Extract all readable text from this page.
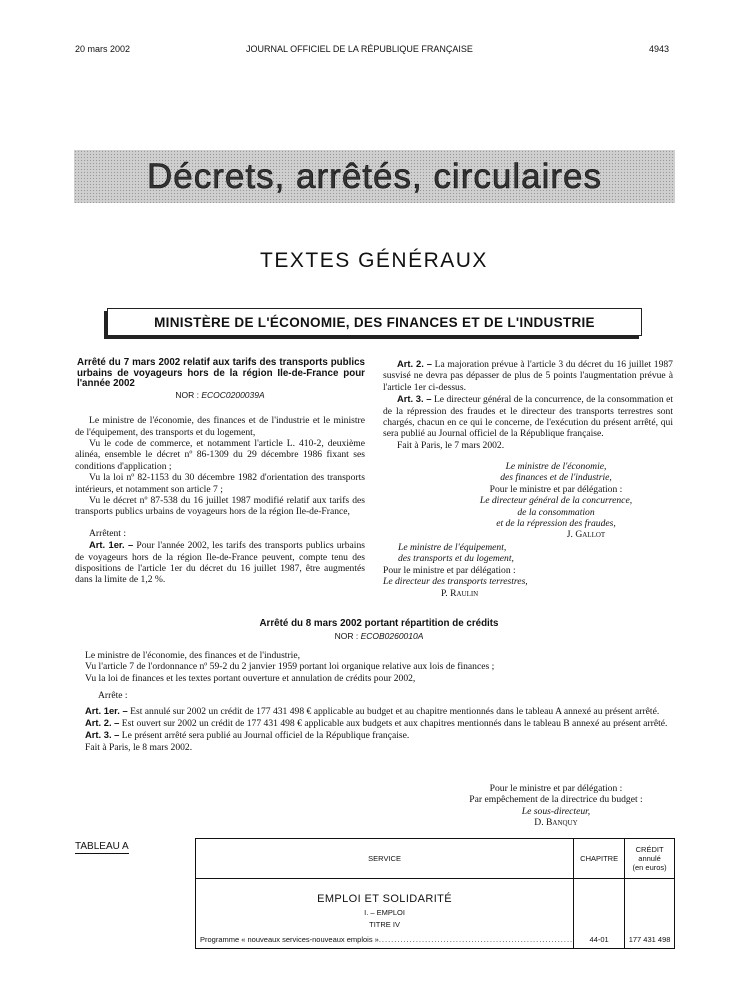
20 mars 2002	JOURNAL OFFICIEL DE LA RÉPUBLIQUE FRANÇAISE	4943
Décrets, arrêtés, circulaires
TEXTES GÉNÉRAUX
MINISTÈRE DE L'ÉCONOMIE, DES FINANCES ET DE L'INDUSTRIE

Arrêté du 7 mars 2002 relatif aux tarifs des transports publics urbains de voyageurs hors de la région Ile-de-France pour l'année 2002

NOR : ECOC0200039A

Le ministre de l'économie, des finances et de l'industrie et le ministre de l'équipement, des transports et du logement,

Vu le code de commerce, et notamment l'article L. 410-2, deuxième alinéa, ensemble le décret nº 86-1309 du 29 décembre 1986 fixant ses conditions d'application ;

Vu la loi nº 82-1153 du 30 décembre 1982 d'orientation des transports intérieurs, et notamment son article 7 ;

Vu le décret nº 87-538 du 16 juillet 1987 modifié relatif aux tarifs des transports publics urbains de voyageurs hors de la région Ile-de-France,

Arrêtent :

Art. 1er. – Pour l'année 2002, les tarifs des transports publics urbains de voyageurs hors de la région Ile-de-France peuvent, compte tenu des dispositions de l'article 1er du décret du 16 juillet 1987, être augmentés dans la limite de 1,2 %.

Art. 2. – La majoration prévue à l'article 3 du décret du 16 juillet 1987 susvisé ne devra pas dépasser de plus de 5 points l'augmentation prévue à l'article 1er ci-dessus.

Art. 3. – Le directeur général de la concurrence, de la consommation et de la répression des fraudes et le directeur des transports terrestres sont chargés, chacun en ce qui le concerne, de l'exécution du présent arrêté, qui sera publié au Journal officiel de la République française.

Fait à Paris, le 7 mars 2002.

Le ministre de l'économie,

des finances et de l'industrie,

Pour le ministre et par délégation :

Le directeur général de la concurrence,

de la consommation

et de la répression des fraudes,

J. Gallot

Le ministre de l'équipement,

des transports et du logement,

Pour le ministre et par délégation :

Le directeur des transports terrestres,

P. Raulin

Arrêté du 8 mars 2002 portant répartition de crédits

NOR : ECOB0260010A

Le ministre de l'économie, des finances et de l'industrie,

Vu l'article 7 de l'ordonnance nº 59-2 du 2 janvier 1959 portant loi organique relative aux lois de finances ;

Vu la loi de finances et les textes portant ouverture et annulation de crédits pour 2002,

Arrête :

Art. 1er. – Est annulé sur 2002 un crédit de 177 431 498 € applicable au budget et au chapitre mentionnés dans le tableau A annexé au présent arrêté.

Art. 2. – Est ouvert sur 2002 un crédit de 177 431 498 € applicable aux budgets et aux chapitres mentionnés dans le tableau B annexé au présent arrêté.

Art. 3. – Le présent arrêté sera publié au Journal officiel de la République française.

Fait à Paris, le 8 mars 2002.

Pour le ministre et par délégation :

Par empêchement de la directrice du budget :

Le sous-directeur,

D. Banquy

TABLEAU A
SERVICE	CHAPITRE	CRÉDIT
annulé
(en euros)

EMPLOI ET SOLIDARITÉ
I. – EMPLOI
TITRE IV
Programme « nouveaux services-nouveaux emplois »...............................................................	44-01	177 431 498
